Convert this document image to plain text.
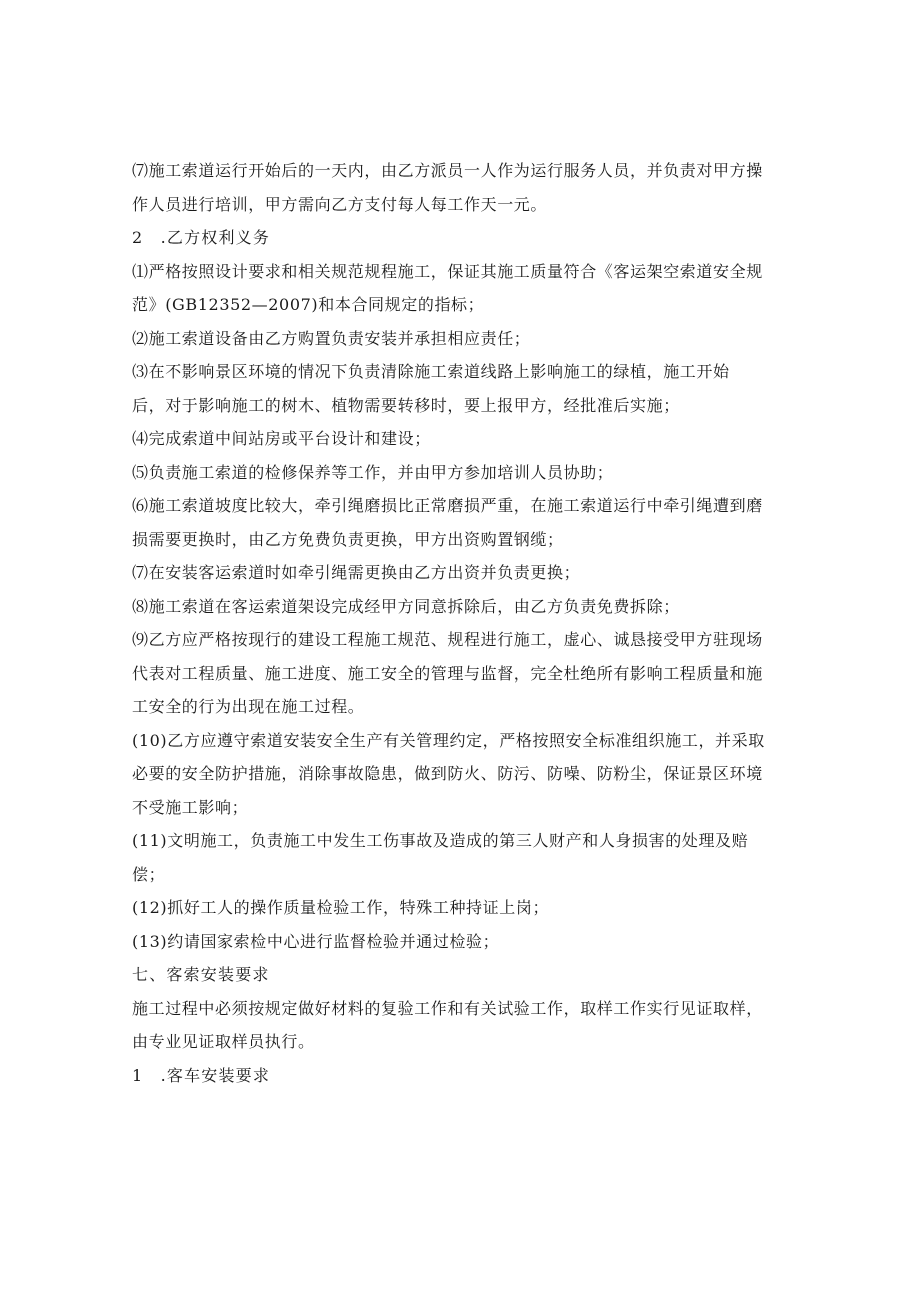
⑺施工索道运行开始后的一天内，由乙方派员一人作为运行服务人员，并负责对甲方操
作人员进行培训，甲方需向乙方支付每人每工作天一元。

2　.乙方权利义务

⑴严格按照设计要求和相关规范规程施工，保证其施工质量符合《客运架空索道安全规
范》(GB12352—2007)和本合同规定的指标；

⑵施工索道设备由乙方购置负责安装并承担相应责任；

⑶在不影响景区环境的情况下负责清除施工索道线路上影响施工的绿植，施工开始
后，对于影响施工的树木、植物需要转移时，要上报甲方，经批准后实施；

⑷完成索道中间站房或平台设计和建设；

⑸负责施工索道的检修保养等工作，并由甲方参加培训人员协助；

⑹施工索道坡度比较大，牵引绳磨损比正常磨损严重，在施工索道运行中牵引绳遭到磨
损需要更换时，由乙方免费负责更换，甲方出资购置钢缆；

⑺在安装客运索道时如牵引绳需更换由乙方出资并负责更换；

⑻施工索道在客运索道架设完成经甲方同意拆除后，由乙方负责免费拆除；

⑼乙方应严格按现行的建设工程施工规范、规程进行施工，虚心、诚恳接受甲方驻现场
代表对工程质量、施工进度、施工安全的管理与监督，完全杜绝所有影响工程质量和施
工安全的行为出现在施工过程。

(10)乙方应遵守索道安装安全生产有关管理约定，严格按照安全标准组织施工，并采取
必要的安全防护措施，消除事故隐患，做到防火、防污、防噪、防粉尘，保证景区环境
不受施工影响；

(11)文明施工，负责施工中发生工伤事故及造成的第三人财产和人身损害的处理及赔
偿；

(12)抓好工人的操作质量检验工作，特殊工种持证上岗；

(13)约请国家索检中心进行监督检验并通过检验；

七、客索安装要求

施工过程中必须按规定做好材料的复验工作和有关试验工作，取样工作实行见证取样，
由专业见证取样员执行。

1　.客车安装要求
